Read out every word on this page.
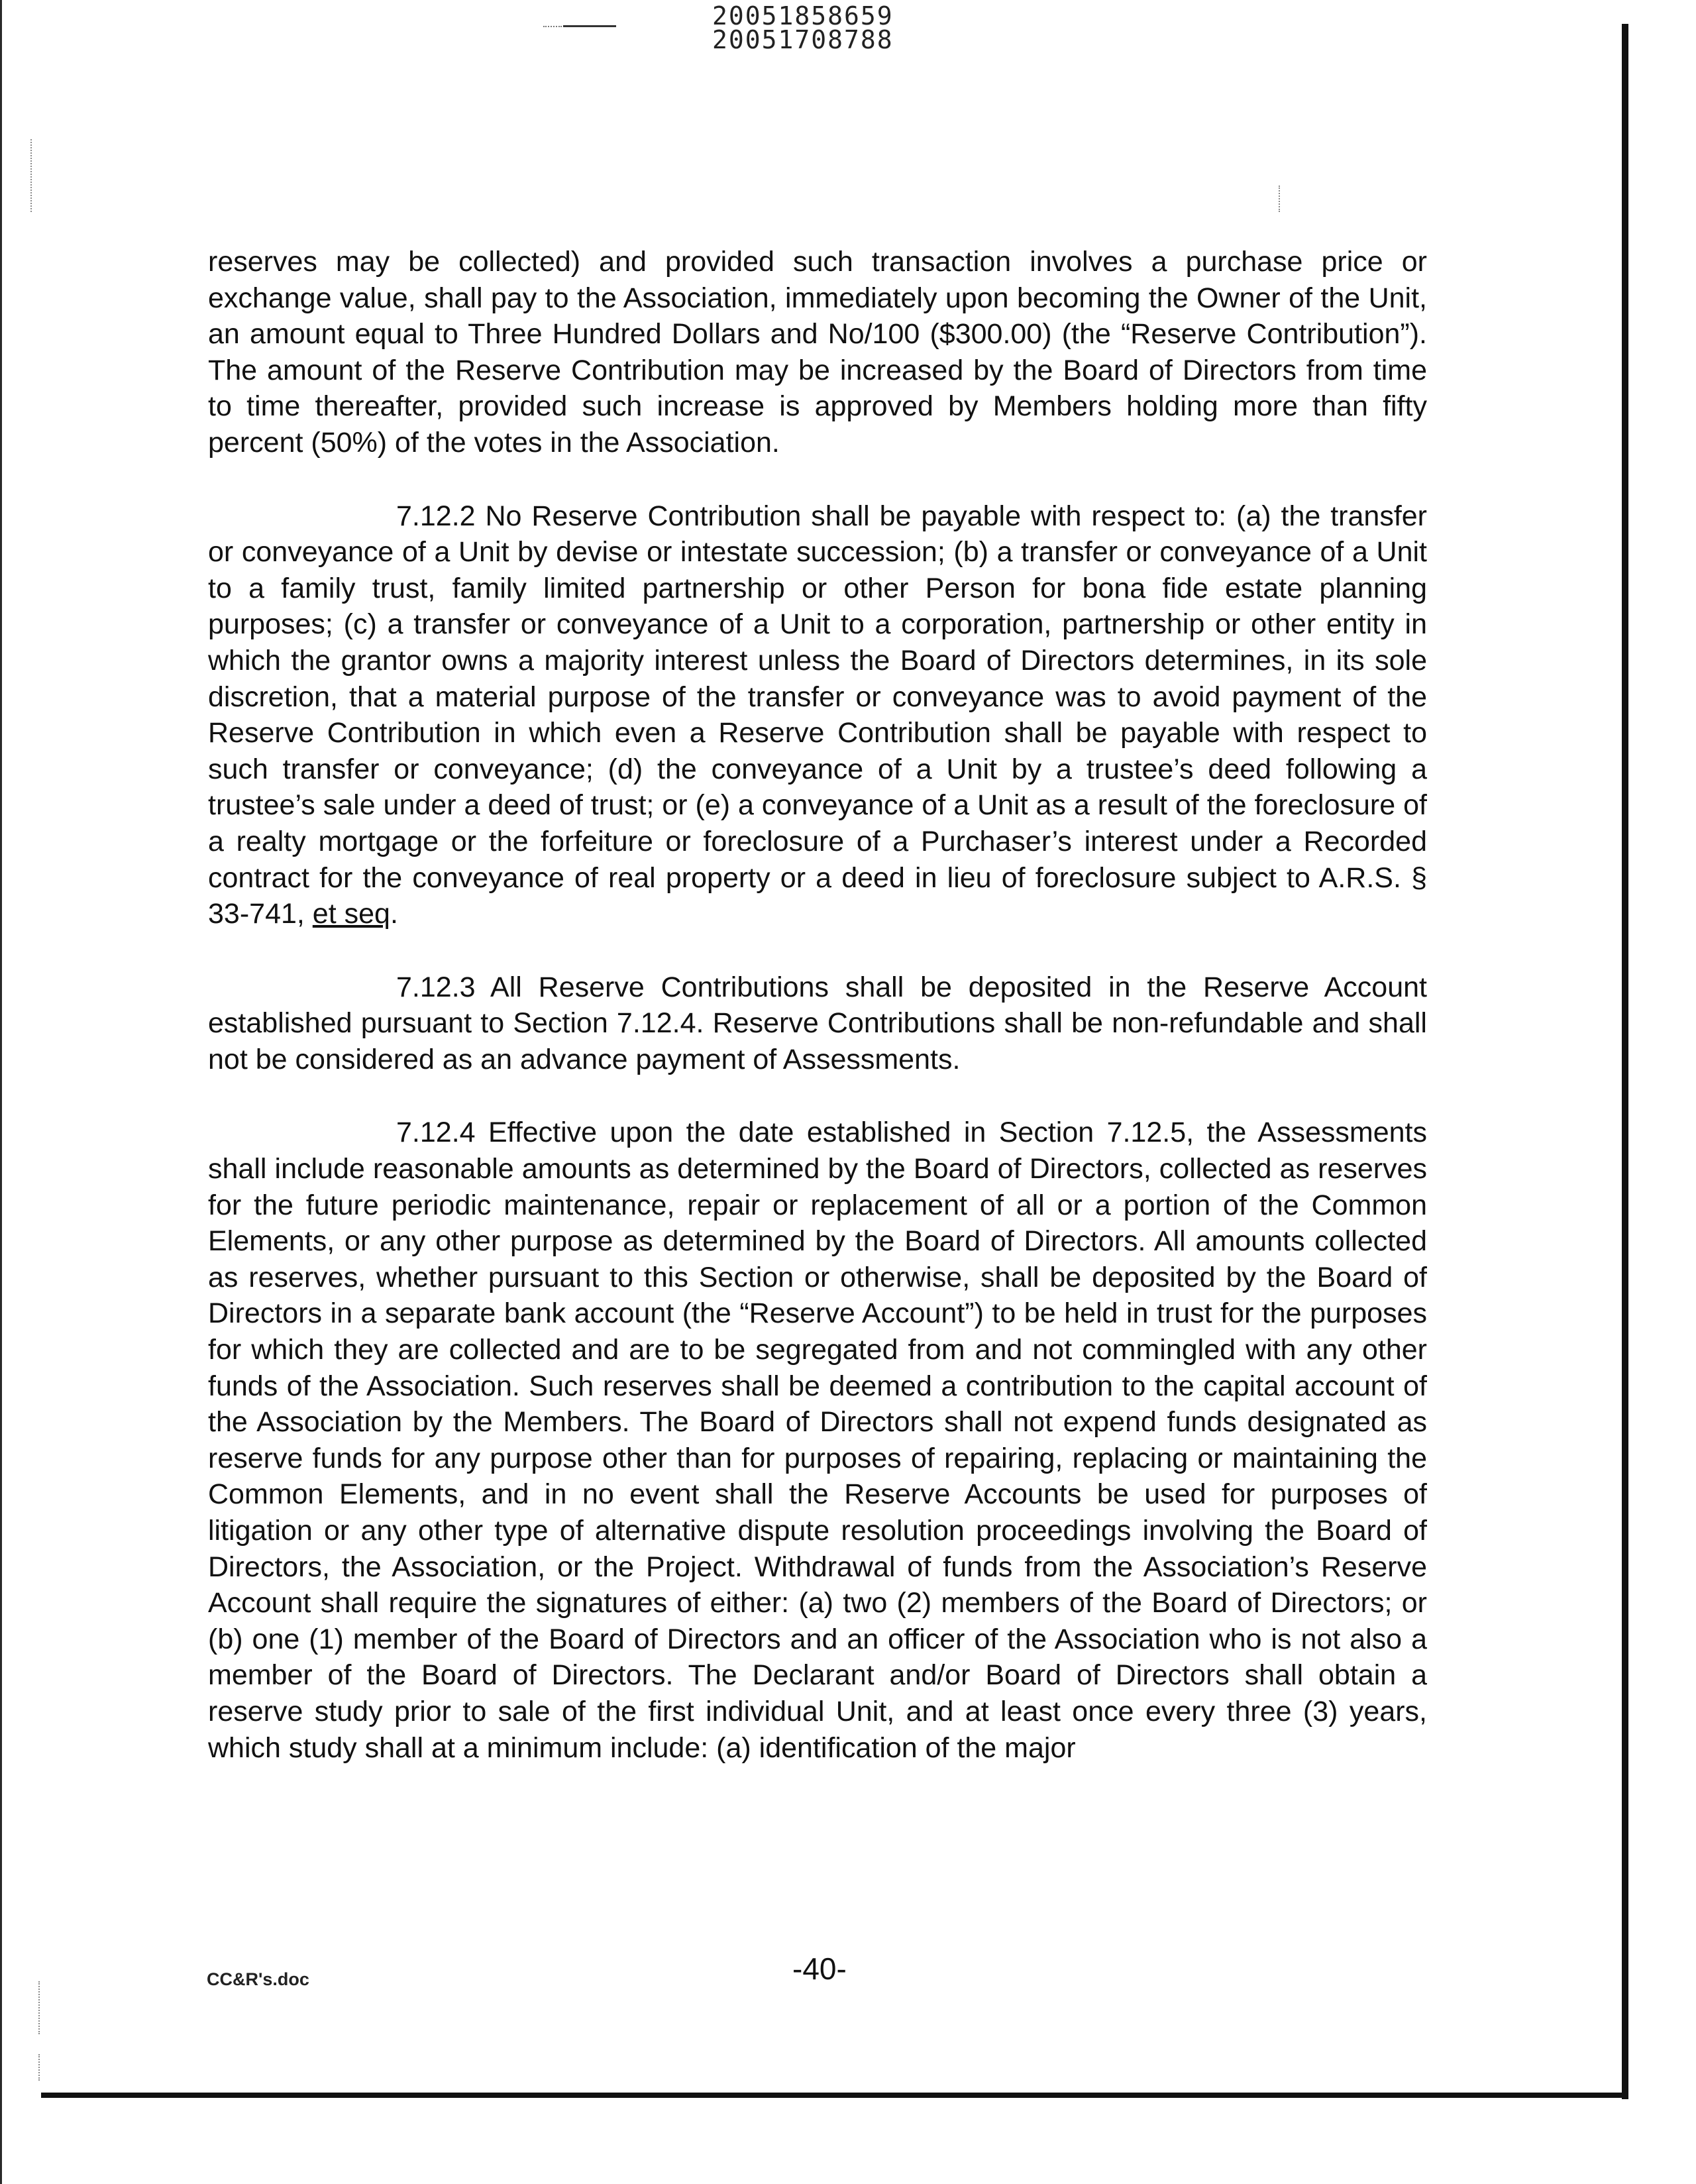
20051858659
20051708788

reserves may be collected) and provided such transaction involves a purchase price or exchange value, shall pay to the Association, immediately upon becoming the Owner of the Unit, an amount equal to Three Hundred Dollars and No/100 ($300.00) (the “Reserve Contribution”). The amount of the Reserve Contribution may be increased by the Board of Directors from time to time thereafter, provided such increase is approved by Members holding more than fifty percent (50%) of the votes in the Association.

7.12.2 No Reserve Contribution shall be payable with respect to: (a) the transfer or conveyance of a Unit by devise or intestate succession; (b) a transfer or conveyance of a Unit to a family trust, family limited partnership or other Person for bona fide estate planning purposes; (c) a transfer or conveyance of a Unit to a corporation, partnership or other entity in which the grantor owns a majority interest unless the Board of Directors determines, in its sole discretion, that a material purpose of the transfer or conveyance was to avoid payment of the Reserve Contribution in which even a Reserve Contribution shall be payable with respect to such transfer or conveyance; (d) the conveyance of a Unit by a trustee’s deed following a trustee’s sale under a deed of trust; or (e) a conveyance of a Unit as a result of the foreclosure of a realty mortgage or the forfeiture or foreclosure of a Purchaser’s interest under a Recorded contract for the conveyance of real property or a deed in lieu of foreclosure subject to A.R.S. § 33-741, et seq.

7.12.3 All Reserve Contributions shall be deposited in the Reserve Account established pursuant to Section 7.12.4. Reserve Contributions shall be non-refundable and shall not be considered as an advance payment of Assessments.

7.12.4 Effective upon the date established in Section 7.12.5, the Assessments shall include reasonable amounts as determined by the Board of Directors, collected as reserves for the future periodic maintenance, repair or replacement of all or a portion of the Common Elements, or any other purpose as determined by the Board of Directors. All amounts collected as reserves, whether pursuant to this Section or otherwise, shall be deposited by the Board of Directors in a separate bank account (the “Reserve Account”) to be held in trust for the purposes for which they are collected and are to be segregated from and not commingled with any other funds of the Association. Such reserves shall be deemed a contribution to the capital account of the Association by the Members. The Board of Directors shall not expend funds designated as reserve funds for any purpose other than for purposes of repairing, replacing or maintaining the Common Elements, and in no event shall the Reserve Accounts be used for purposes of litigation or any other type of alternative dispute resolution proceedings involving the Board of Directors, the Association, or the Project. Withdrawal of funds from the Association’s Reserve Account shall require the signatures of either: (a) two (2) members of the Board of Directors; or (b) one (1) member of the Board of Directors and an officer of the Association who is not also a member of the Board of Directors. The Declarant and/or Board of Directors shall obtain a reserve study prior to sale of the first individual Unit, and at least once every three (3) years, which study shall at a minimum include: (a) identification of the major

-40-
CC&R's.doc
